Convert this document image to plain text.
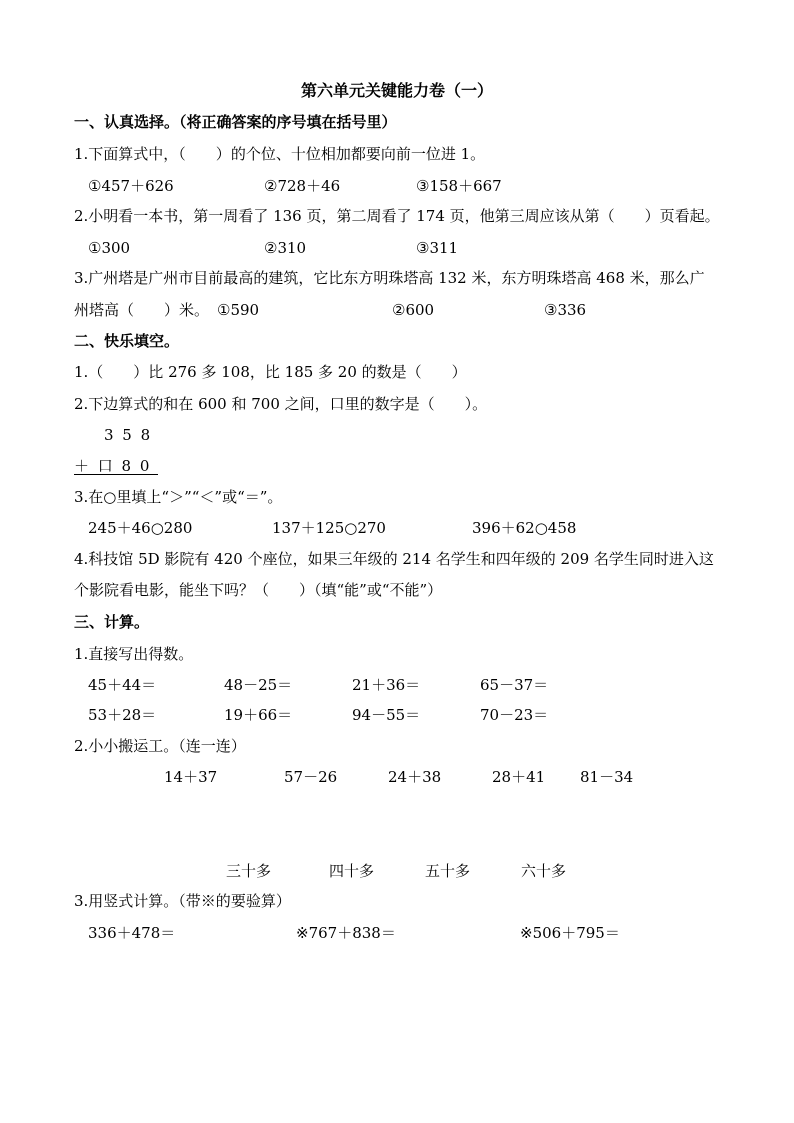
第六单元关键能力卷（一）
一、认真选择。（将正确答案的序号填在括号里）
1.下面算式中，（　　）的个位、十位相加都要向前一位进 1。
①457＋626	②728＋46	③158＋667
2.小明看一本书，第一周看了 136 页，第二周看了 174 页，他第三周应该从第（　　）页看起。
①300	②310	③311
3.广州塔是广州市目前最高的建筑，它比东方明珠塔高 132 米，东方明珠塔高 468 米，那么广
州塔高（　　）米。 ①590	②600	③336
二、快乐填空。
1.（　　）比 276 多 108，比 185 多 20 的数是（　　）
2.下边算式的和在 600 和 700 之间，口里的数字是（　　）。
3 5 8
＋ 口 8 0
3.在○里填上“＞”“＜”或“＝”。
245＋46○280	137＋125○270	396＋62○458
4.科技馆 5D 影院有 420 个座位，如果三年级的 214 名学生和四年级的 209 名学生同时进入这
个影院看电影，能坐下吗？（　　）（填“能”或“不能”）
三、计算。
1.直接写出得数。
45＋44＝	48－25＝	21＋36＝	65－37＝
53＋28＝	19＋66＝	94－55＝	70－23＝
2.小小搬运工。（连一连）
14＋37	57－26	24＋38	28＋41 81－34
三十多	四十多	五十多	六十多
3.用竖式计算。（带※的要验算）
336＋478＝	※767＋838＝	※506＋795＝
